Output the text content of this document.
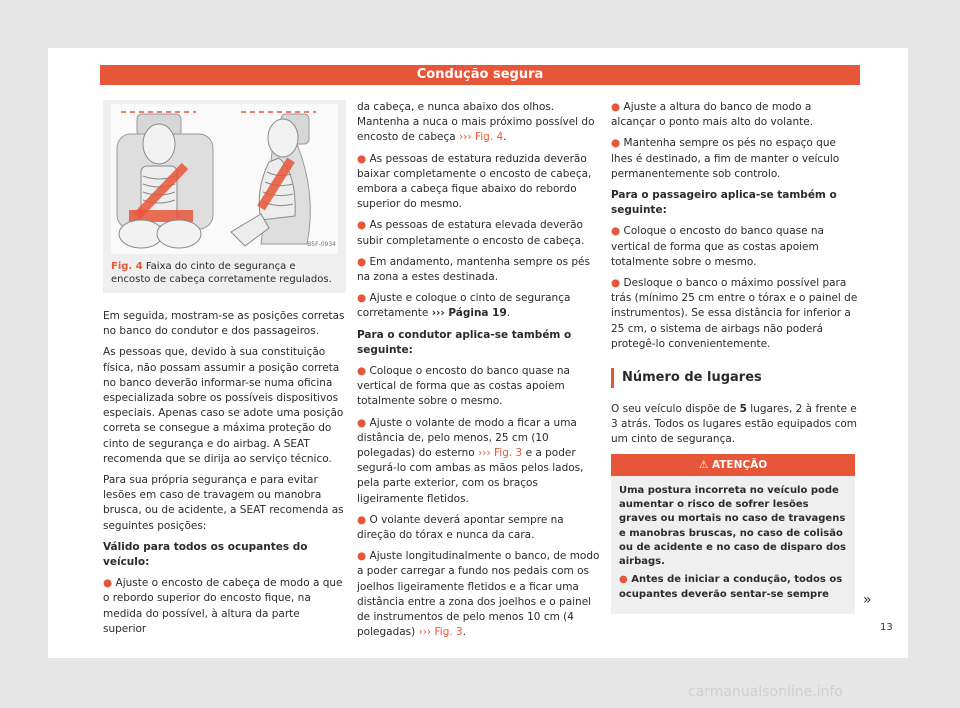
Condução segura
B5F-0934
Fig. 4 Faixa do cinto de segurança e encosto de cabeça corretamente regulados.

Em seguida, mostram-se as posições corretas no banco do condutor e dos passageiros.

As pessoas que, devido à sua constituição física, não possam assumir a posição correta no banco deverão informar-se numa oficina especializada sobre os possíveis dispositivos especiais. Apenas caso se adote uma posição correta se consegue a máxima proteção do cinto de segurança e do airbag. A SEAT recomenda que se dirija ao serviço técnico.

Para sua própria segurança e para evitar lesões em caso de travagem ou manobra brusca, ou de acidente, a SEAT recomenda as seguintes posições:

Válido para todos os ocupantes do veículo:

● Ajuste o encosto de cabeça de modo a que o rebordo superior do encosto fique, na medida do possível, à altura da parte superior

da cabeça, e nunca abaixo dos olhos. Mantenha a nuca o mais próximo possível do encosto de cabeça ››› Fig. 4.

● As pessoas de estatura reduzida deverão baixar completamente o encosto de cabeça, embora a cabeça fique abaixo do rebordo superior do mesmo.

● As pessoas de estatura elevada deverão subir completamente o encosto de cabeça.

● Em andamento, mantenha sempre os pés na zona a estes destinada.

● Ajuste e coloque o cinto de segurança corretamente ››› Página 19.

Para o condutor aplica-se também o seguinte:

● Coloque o encosto do banco quase na vertical de forma que as costas apoiem totalmente sobre o mesmo.

● Ajuste o volante de modo a ficar a uma distância de, pelo menos, 25 cm (10 polegadas) do esterno ››› Fig. 3 e a poder segurá-lo com ambas as mãos pelos lados, pela parte exterior, com os braços ligeiramente fletidos.

● O volante deverá apontar sempre na direção do tórax e nunca da cara.

● Ajuste longitudinalmente o banco, de modo a poder carregar a fundo nos pedais com os joelhos ligeiramente fletidos e a ficar uma distância entre a zona dos joelhos e o painel de instrumentos de pelo menos 10 cm (4 polegadas) ››› Fig. 3.

● Ajuste a altura do banco de modo a alcançar o ponto mais alto do volante.

● Mantenha sempre os pés no espaço que lhes é destinado, a fim de manter o veículo permanentemente sob controlo.

Para o passageiro aplica-se também o seguinte:

● Coloque o encosto do banco quase na vertical de forma que as costas apoiem totalmente sobre o mesmo.

● Desloque o banco o máximo possível para trás (mínimo 25 cm entre o tórax e o painel de instrumentos). Se essa distância for inferior a 25 cm, o sistema de airbags não poderá protegê-lo convenientemente.

Número de lugares

O seu veículo dispõe de 5 lugares, 2 à frente e 3 atrás. Todos os lugares estão equipados com um cinto de segurança.

⚠ ATENÇÃO

Uma postura incorreta no veículo pode aumentar o risco de sofrer lesões graves ou mortais no caso de travagens e manobras bruscas, no caso de colisão ou de acidente e no caso de disparo dos airbags.

● Antes de iniciar a condução, todos os ocupantes deverão sentar-se sempre	»
13
carmanualsonline.info
